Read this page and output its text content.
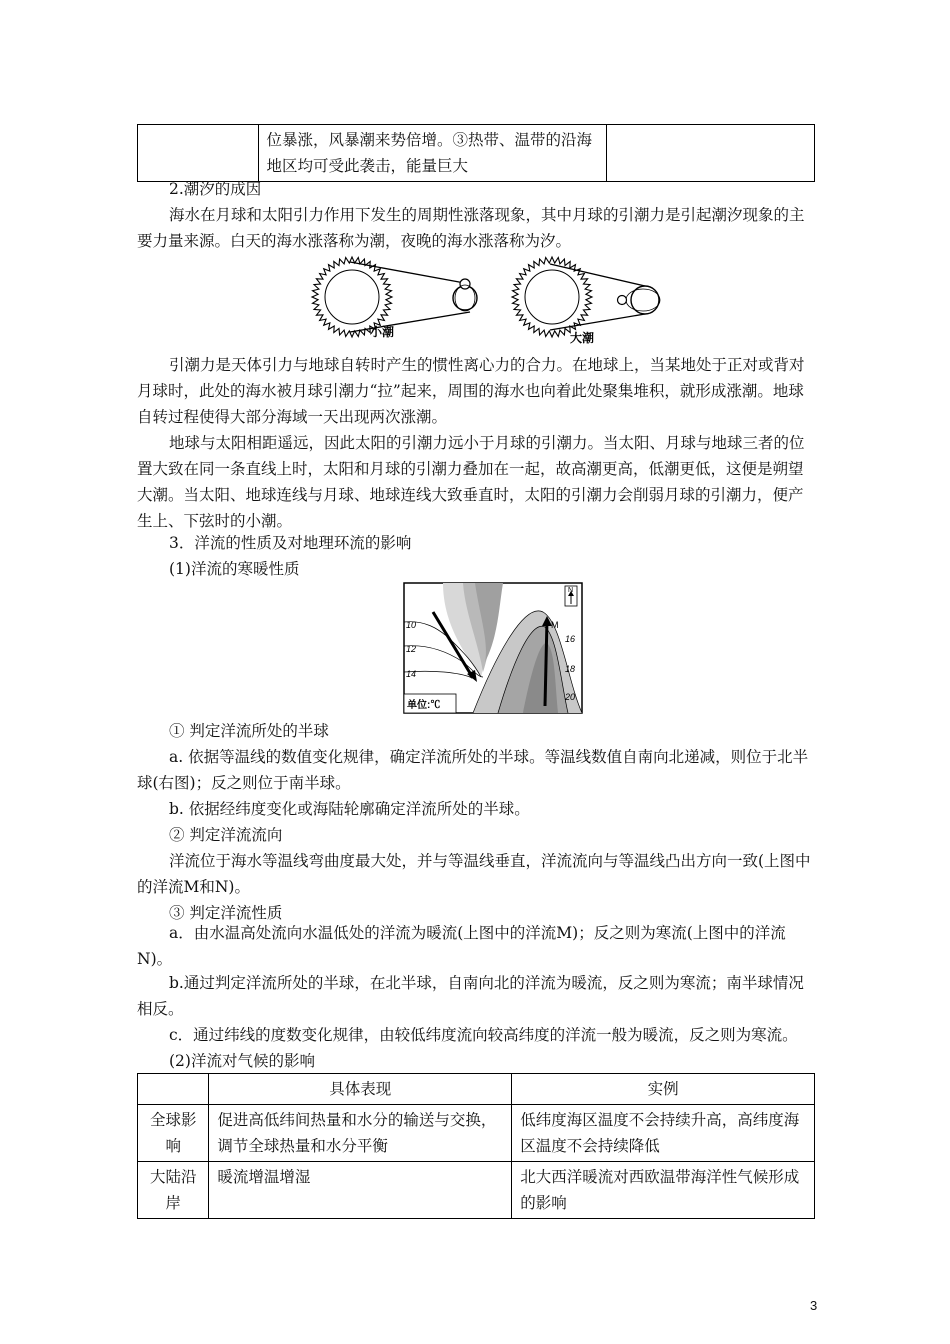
	位暴涨，风暴潮来势倍增。③热带、温带的沿海地区均可受此袭击，能量巨大	

2.潮汐的成因

海水在月球和太阳引力作用下发生的周期性涨落现象，其中月球的引潮力是引起潮汐现象的主要力量来源。白天的海水涨落称为潮，夜晚的海水涨落称为汐。

小潮	大潮

引潮力是天体引力与地球自转时产生的惯性离心力的合力。在地球上，当某地处于正对或背对月球时，此处的海水被月球引潮力“拉”起来，周围的海水也向着此处聚集堆积，就形成涨潮。地球自转过程使得大部分海域一天出现两次涨潮。

地球与太阳相距遥远，因此太阳的引潮力远小于月球的引潮力。当太阳、月球与地球三者的位置大致在同一条直线上时，太阳和月球的引潮力叠加在一起，故高潮更高，低潮更低，这便是朔望大潮。当太阳、地球连线与月球、地球连线大致垂直时，太阳的引潮力会削弱月球的引潮力，便产生上、下弦时的小潮。

3．洋流的性质及对地理环流的影响

(1)洋流的寒暖性质

N
10
12
14
16
18
20
M
N
单位:℃

① 判定洋流所处的半球

a. 依据等温线的数值变化规律，确定洋流所处的半球。等温线数值自南向北递减，则位于北半球(右图)；反之则位于南半球。

b. 依据经纬度变化或海陆轮廓确定洋流所处的半球。

② 判定洋流流向

洋流位于海水等温线弯曲度最大处，并与等温线垂直，洋流流向与等温线凸出方向一致(上图中的洋流M和N)。

③ 判定洋流性质

a．由水温高处流向水温低处的洋流为暖流(上图中的洋流M)；反之则为寒流(上图中的洋流N)。

b.通过判定洋流所处的半球，在北半球，自南向北的洋流为暖流，反之则为寒流；南半球情况相反。

c．通过纬线的度数变化规律，由较低纬度流向较高纬度的洋流一般为暖流，反之则为寒流。

(2)洋流对气候的影响

	具体表现	实例
全球影响	促进高低纬间热量和水分的输送与交换，调节全球热量和水分平衡	低纬度海区温度不会持续升高，高纬度海区温度不会持续降低
大陆沿岸	暖流增温增湿	北大西洋暖流对西欧温带海洋性气候形成的影响
3
